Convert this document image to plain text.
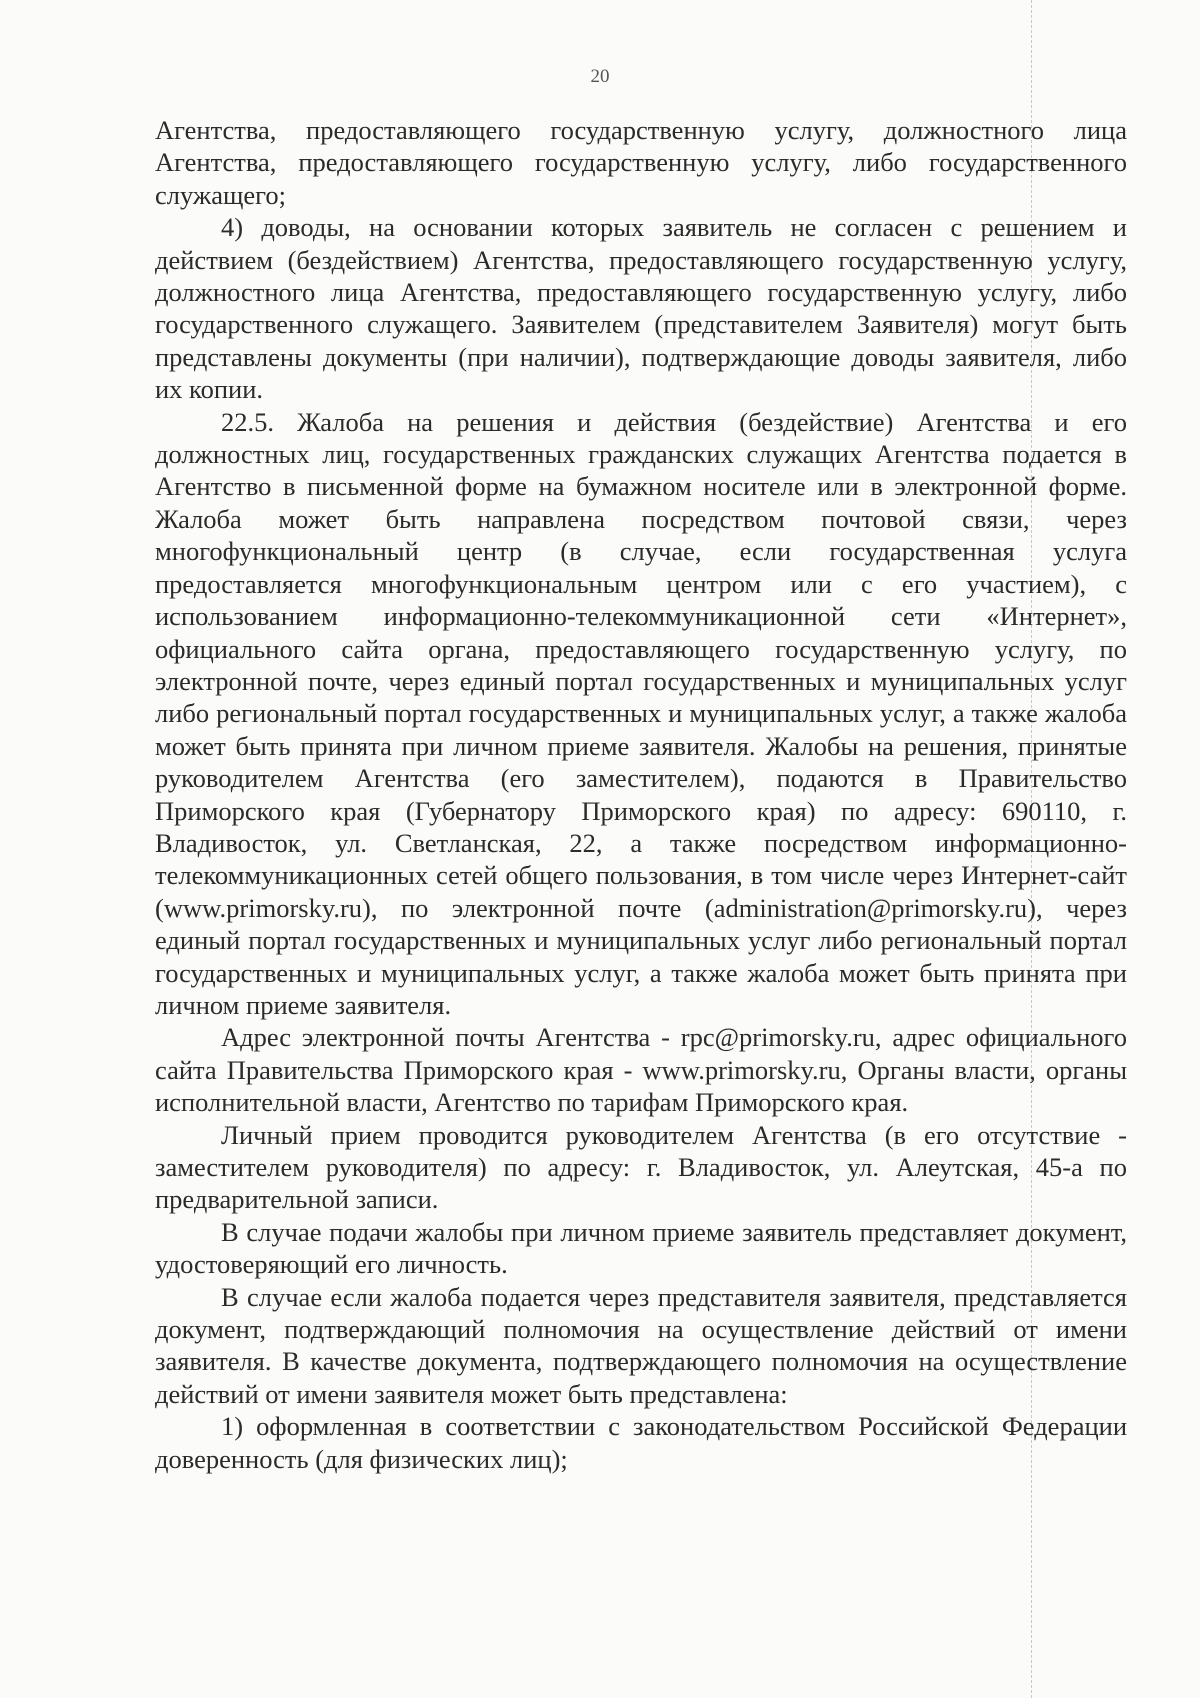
20

Агентства, предоставляющего государственную услугу, должностного лица Агентства, предоставляющего государственную услугу, либо государственного служащего;

4) доводы, на основании которых заявитель не согласен с решением и действием (бездействием) Агентства, предоставляющего государственную услугу, должностного лица Агентства, предоставляющего государственную услугу, либо государственного служащего. Заявителем (представителем Заявителя) могут быть представлены документы (при наличии), подтверждающие доводы заявителя, либо их копии.

22.5. Жалоба на решения и действия (бездействие) Агентства и его должностных лиц, государственных гражданских служащих Агентства подается в Агентство в письменной форме на бумажном носителе или в электронной форме. Жалоба может быть направлена посредством почтовой связи, через многофункциональный центр (в случае, если государственная услуга предоставляется многофункциональным центром или с его участием), с использованием информационно-телекоммуникационной сети «Интернет», официального сайта органа, предоставляющего государственную услугу, по электронной почте, через единый портал государственных и муниципальных услуг либо региональный портал государственных и муниципальных услуг, а также жалоба может быть принята при личном приеме заявителя. Жалобы на решения, принятые руководителем Агентства (его заместителем), подаются в Правительство Приморского края (Губернатору Приморского края) по адресу: 690110, г. Владивосток, ул. Светланская, 22, а также посредством информационно-телекоммуникационных сетей общего пользования, в том числе через Интернет-сайт (www.primorsky.ru), по электронной почте (administration@primorsky.ru), через единый портал государственных и муниципальных услуг либо региональный портал государственных и муниципальных услуг, а также жалоба может быть принята при личном приеме заявителя.

Адрес электронной почты Агентства - rpc@primorsky.ru, адрес официального сайта Правительства Приморского края - www.primorsky.ru, Органы власти, органы исполнительной власти, Агентство по тарифам Приморского края.

Личный прием проводится руководителем Агентства (в его отсутствие - заместителем руководителя) по адресу: г. Владивосток, ул. Алеутская, 45-а по предварительной записи.

В случае подачи жалобы при личном приеме заявитель представляет документ, удостоверяющий его личность.

В случае если жалоба подается через представителя заявителя, представляется документ, подтверждающий полномочия на осуществление действий от имени заявителя. В качестве документа, подтверждающего полномочия на осуществление действий от имени заявителя может быть представлена:

1) оформленная в соответствии с законодательством Российской Федерации доверенность (для физических лиц);
